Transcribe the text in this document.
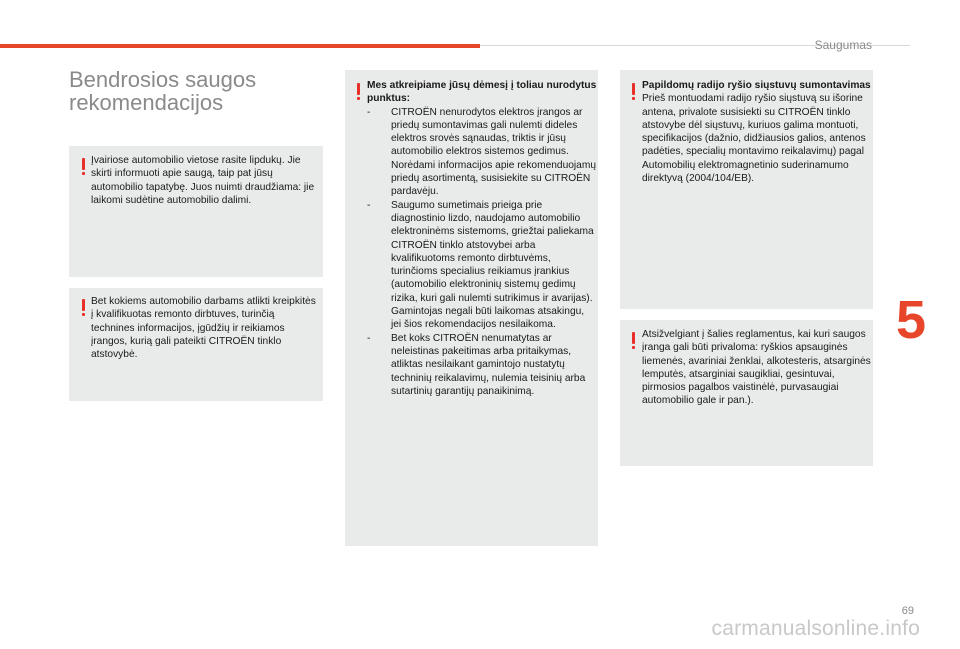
Saugumas
Bendrosios saugos rekomendacijos

Įvairiose automobilio vietose rasite lipdukų. Jie skirti informuoti apie saugą, taip pat jūsų automobilio tapatybę. Juos nuimti draudžiama: jie laikomi sudėtine automobilio dalimi.

Bet kokiems automobilio darbams atlikti kreipkitės į kvalifikuotas remonto dirbtuves, turinčią technines informacijos, įgūdžių ir reikiamos įrangos, kurią gali pateikti CITROËN tinklo atstovybė.

Mes atkreipiame jūsų dėmesį į toliau nurodytus punktus:

- CITROËN nenurodytos elektros įrangos ar priedų sumontavimas gali nulemti dideles elektros srovės sąnaudas, triktis ir jūsų automobilio elektros sistemos gedimus. Norėdami informacijos apie rekomenduojamų priedų asortimentą, susisiekite su CITROËN pardavėju.
- Saugumo sumetimais prieiga prie diagnostinio lizdo, naudojamo automobilio elektroninėms sistemoms, griežtai paliekama CITROËN tinklo atstovybei arba kvalifikuotoms remonto dirbtuvėms, turinčioms specialius reikiamus įrankius (automobilio elektroninių sistemų gedimų rizika, kuri gali nulemti sutrikimus ir avarijas). Gamintojas negali būti laikomas atsakingu, jei šios rekomendacijos nesilaikoma.
- Bet koks CITROËN nenumatytas ar neleistinas pakeitimas arba pritaikymas, atliktas nesilaikant gamintojo nustatytų techninių reikalavimų, nulemia teisinių arba sutartinių garantijų panaikinimą.

Papildomų radijo ryšio siųstuvų sumontavimas

Prieš montuodami radijo ryšio siųstuvą su išorine antena, privalote susisiekti su CITROËN tinklo atstovybe dėl siųstuvų, kuriuos galima montuoti, specifikacijos (dažnio, didžiausios galios, antenos padėties, specialių montavimo reikalavimų) pagal Automobilių elektromagnetinio suderinamumo direktyvą (2004/104/EB).

Atsižvelgiant į šalies reglamentus, kai kuri saugos įranga gali būti privaloma: ryškios apsauginės liemenės, avariniai ženklai, alkotesteris, atsarginės lemputės, atsarginiai saugikliai, gesintuvai, pirmosios pagalbos vaistinėlė, purvasaugiai automobilio gale ir pan.).

5
69
carmanualsonline.info
